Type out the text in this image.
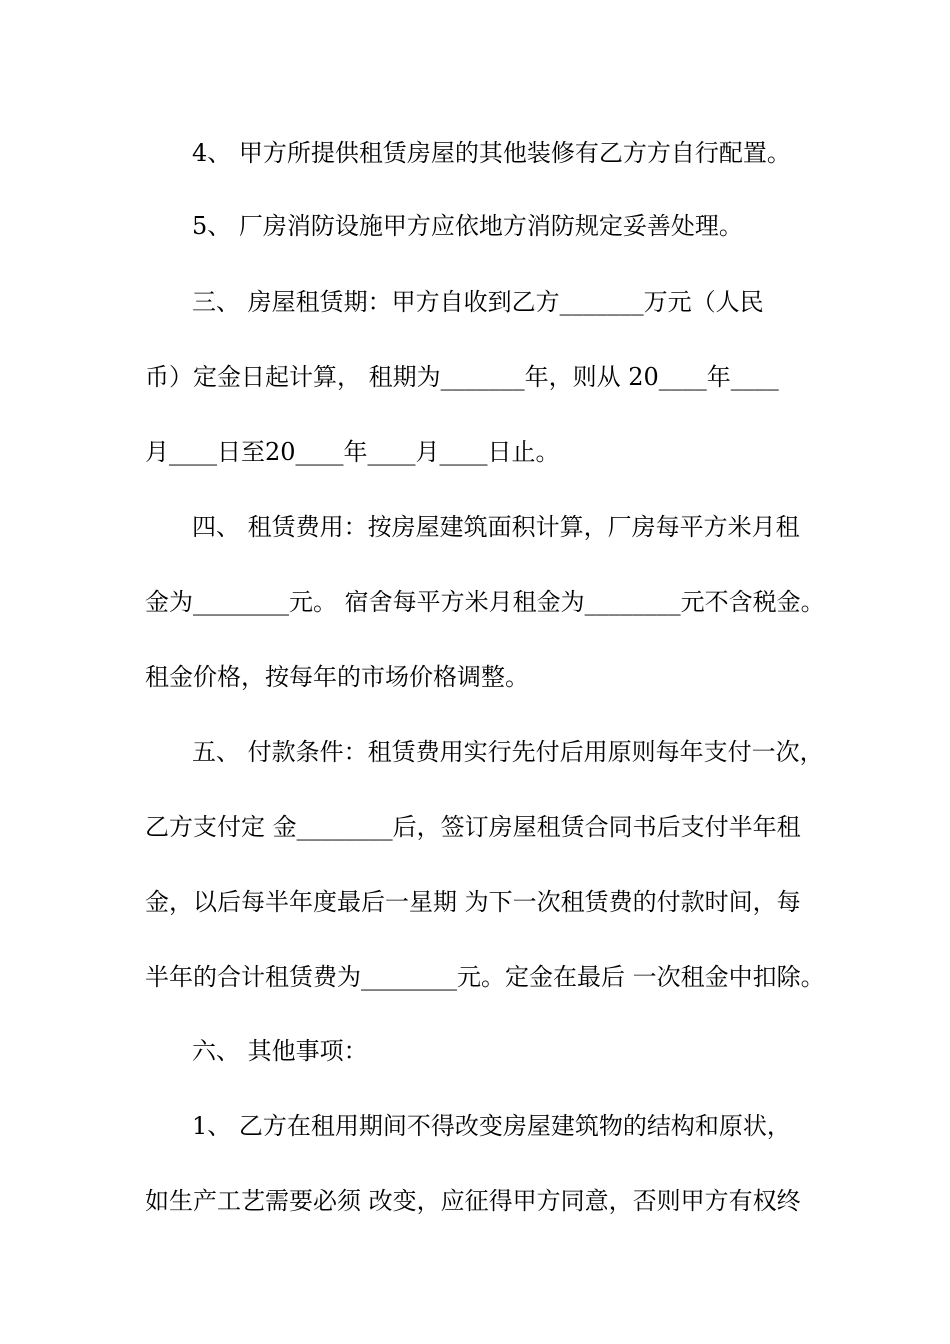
4、 甲方所提供租赁房屋的其他装修有乙方方自行配置。
5、 厂房消防设施甲方应依地方消防规定妥善处理。
三、 房屋租赁期：甲方自收到乙方_______万元（人民
币）定金日起计算， 租期为_______年，则从 20____年____
月____日至20____年____月____日止。
四、 租赁费用：按房屋建筑面积计算，厂房每平方米月租
金为________元。 宿舍每平方米月租金为________元不含税金。
租金价格，按每年的市场价格调整。
五、 付款条件：租赁费用实行先付后用原则每年支付一次，
乙方支付定 金________后，签订房屋租赁合同书后支付半年租
金，以后每半年度最后一星期 为下一次租赁费的付款时间，每
半年的合计租赁费为________元。定金在最后 一次租金中扣除。
六、 其他事项：
1、 乙方在租用期间不得改变房屋建筑物的结构和原状，
如生产工艺需要必须 改变，应征得甲方同意，否则甲方有权终
